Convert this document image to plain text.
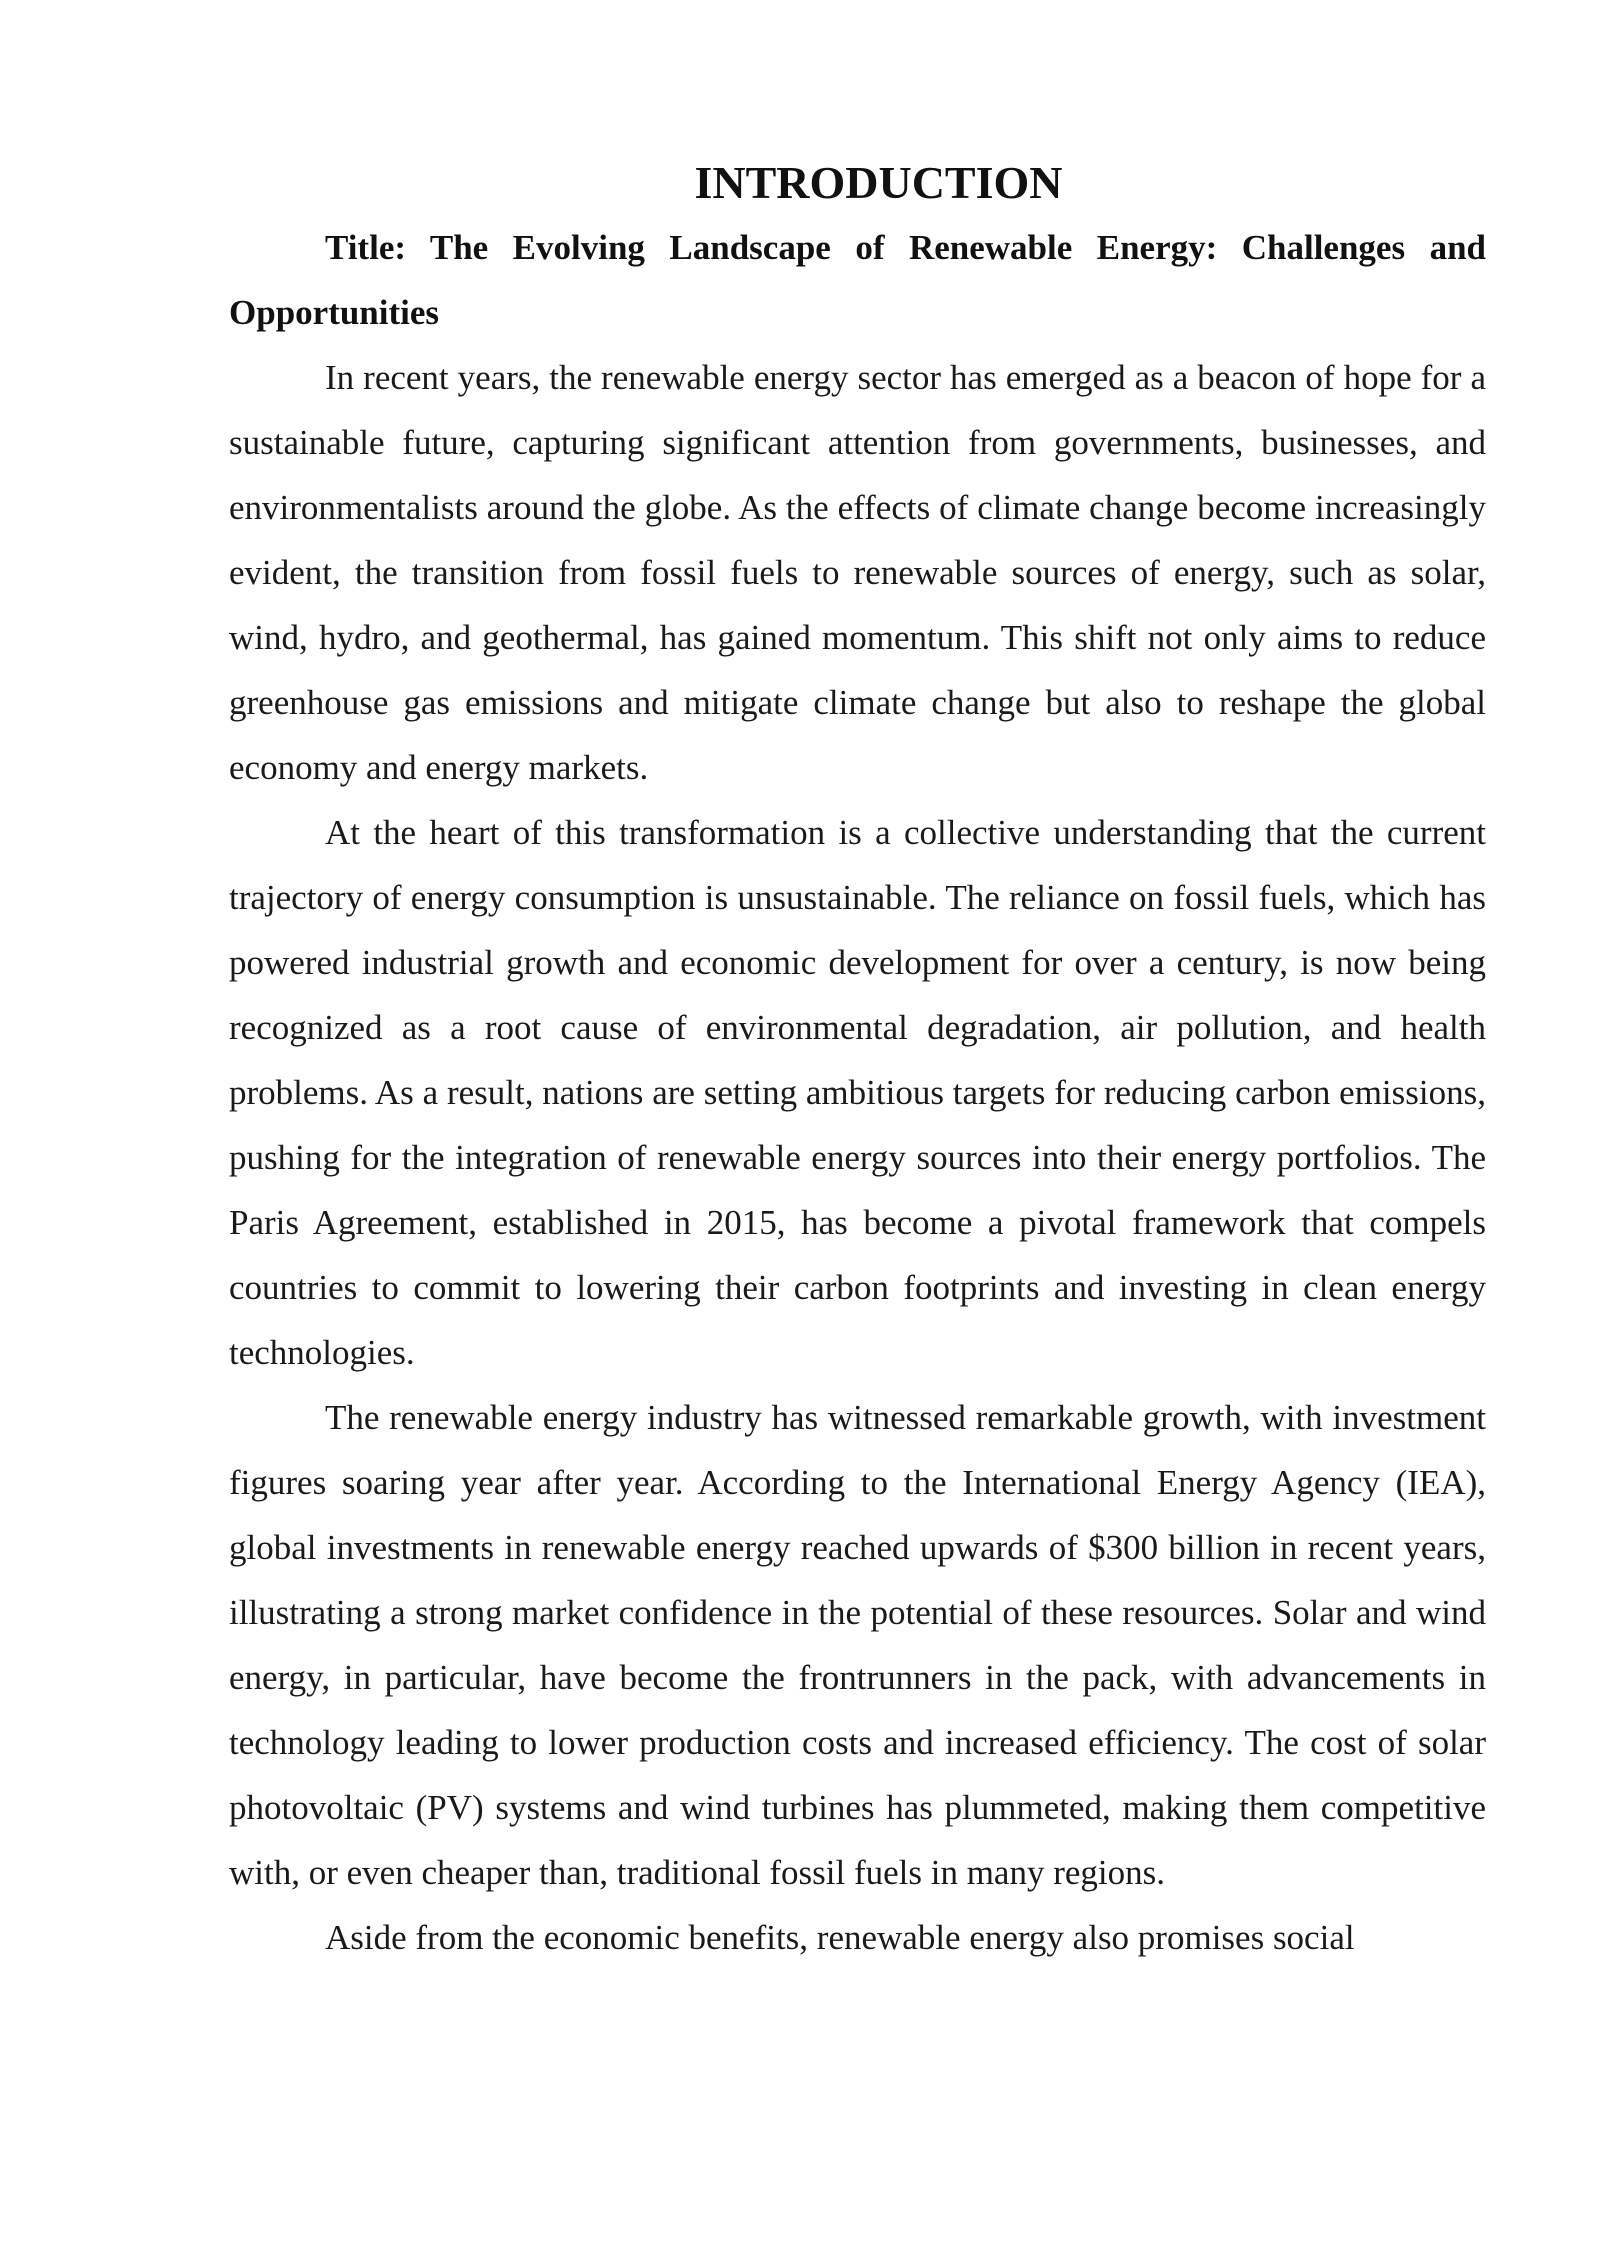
INTRODUCTION

Title: The Evolving Landscape of Renewable Energy: Challenges and Opportunities

In recent years, the renewable energy sector has emerged as a beacon of hope for a sustainable future, capturing significant attention from governments, businesses, and environmentalists around the globe. As the effects of climate change become increasingly evident, the transition from fossil fuels to renewable sources of energy, such as solar, wind, hydro, and geothermal, has gained momentum. This shift not only aims to reduce greenhouse gas emissions and mitigate climate change but also to reshape the global economy and energy markets.

At the heart of this transformation is a collective understanding that the current trajectory of energy consumption is unsustainable. The reliance on fossil fuels, which has powered industrial growth and economic development for over a century, is now being recognized as a root cause of environmental degradation, air pollution, and health problems. As a result, nations are setting ambitious targets for reducing carbon emissions, pushing for the integration of renewable energy sources into their energy portfolios. The Paris Agreement, established in 2015, has become a pivotal framework that compels countries to commit to lowering their carbon footprints and investing in clean energy technologies.

The renewable energy industry has witnessed remarkable growth, with investment figures soaring year after year. According to the International Energy Agency (IEA), global investments in renewable energy reached upwards of $300 billion in recent years, illustrating a strong market confidence in the potential of these resources. Solar and wind energy, in particular, have become the frontrunners in the pack, with advancements in technology leading to lower production costs and increased efficiency. The cost of solar photovoltaic (PV) systems and wind turbines has plummeted, making them competitive with, or even cheaper than, traditional fossil fuels in many regions.

Aside from the economic benefits, renewable energy also promises social
